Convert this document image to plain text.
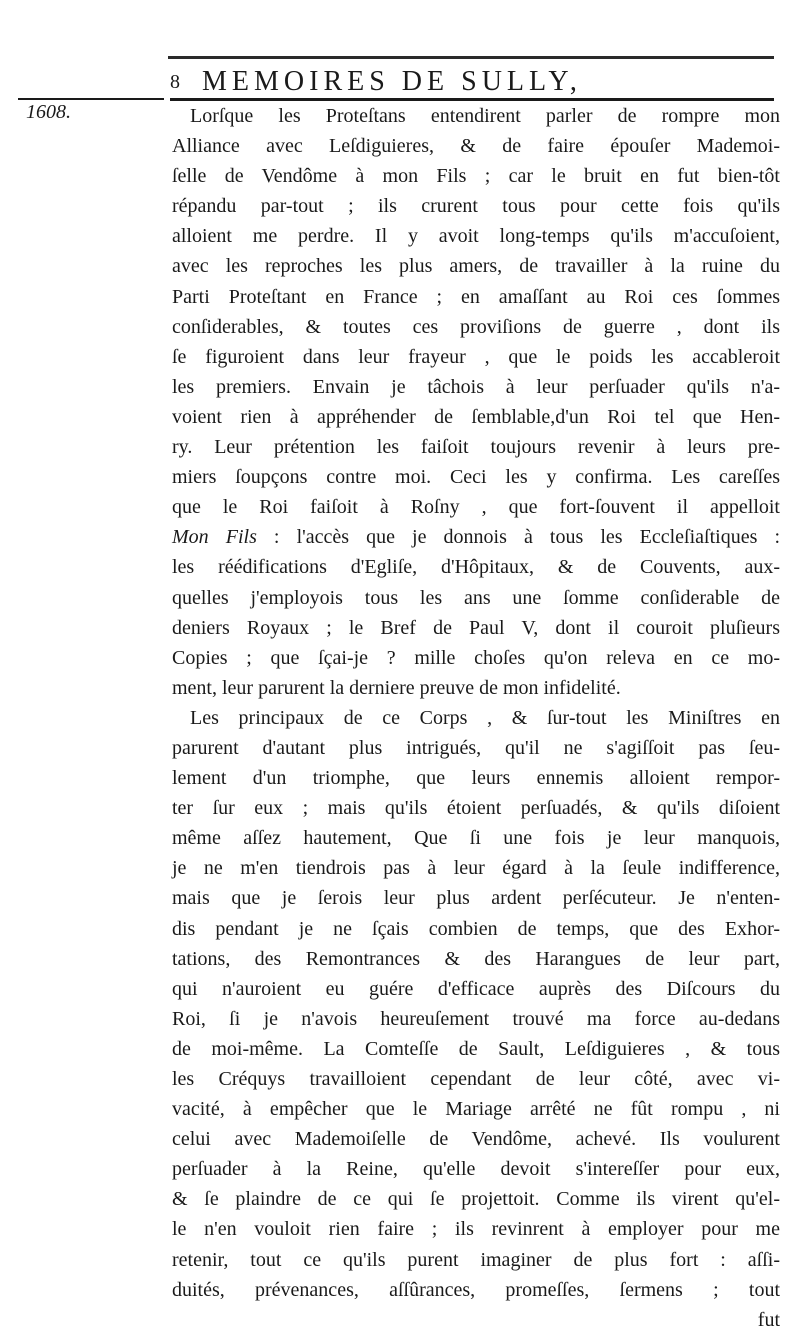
8 MEMOIRES DE SULLY,
1608.	Lorſque les Proteſtans entendirent parler de rompre mon
Alliance avec Leſdiguieres, & de faire épouſer Mademoi-
ſelle de Vendôme à mon Fils ; car le bruit en fut bien-tôt
répandu par-tout ; ils crurent tous pour cette fois qu'ils
alloient me perdre. Il y avoit long-temps qu'ils m'accuſoient,
avec les reproches les plus amers, de travailler à la ruine du
Parti Proteſtant en France ; en amaſſant au Roi ces ſommes
conſiderables, & toutes ces proviſions de guerre , dont ils
ſe figuroient dans leur frayeur , que le poids les accableroit
les premiers. Envain je tâchois à leur perſuader qu'ils n'a-
voient rien à appréhender de ſemblable,d'un Roi tel que Hen-
ry. Leur prétention les faiſoit toujours revenir à leurs pre-
miers ſoupçons contre moi. Ceci les y confirma. Les careſſes
que le Roi faiſoit à Roſny , que fort-ſouvent il appelloit
Mon Fils : l'accès que je donnois à tous les Eccleſiaſtiques :
les réédifications d'Egliſe, d'Hôpitaux, & de Couvents, aux-
quelles j'employois tous les ans une ſomme conſiderable de
deniers Royaux ; le Bref de Paul V, dont il couroit pluſieurs
Copies ; que ſçai-je ? mille choſes qu'on releva en ce mo-
ment, leur parurent la derniere preuve de mon infidelité.
Les principaux de ce Corps , & ſur-tout les Miniſtres en
parurent d'autant plus intrigués, qu'il ne s'agiſſoit pas ſeu-
lement d'un triomphe, que leurs ennemis alloient rempor-
ter ſur eux ; mais qu'ils étoient perſuadés, & qu'ils diſoient
même aſſez hautement, Que ſi une fois je leur manquois,
je ne m'en tiendrois pas à leur égard à la ſeule indifference,
mais que je ſerois leur plus ardent perſécuteur. Je n'enten-
dis pendant je ne ſçais combien de temps, que des Exhor-
tations, des Remontrances & des Harangues de leur part,
qui n'auroient eu guére d'efficace auprès des Diſcours du
Roi, ſi je n'avois heureuſement trouvé ma force au-dedans
de moi-même. La Comteſſe de Sault, Leſdiguieres , & tous
les Créquys travailloient cependant de leur côté, avec vi-
vacité, à empêcher que le Mariage arrêté ne fût rompu , ni
celui avec Mademoiſelle de Vendôme, achevé. Ils voulurent
perſuader à la Reine, qu'elle devoit s'intereſſer pour eux,
& ſe plaindre de ce qui ſe projettoit. Comme ils virent qu'el-
le n'en vouloit rien faire ; ils revinrent à employer pour me
retenir, tout ce qu'ils purent imaginer de plus fort : aſſi-
duités, prévenances, aſſûrances, promeſſes, ſermens ; tout
fut
